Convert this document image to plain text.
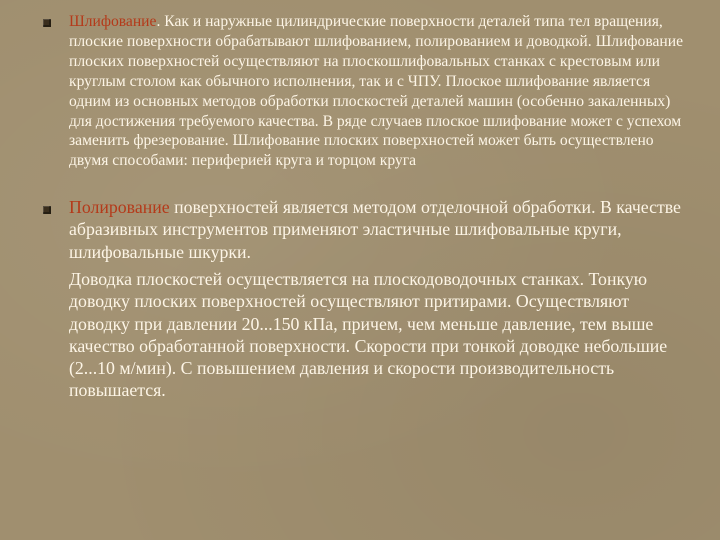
Шлифование. Как и наружные цилиндрические поверхности деталей типа тел вращения, плоские поверхности обрабатывают шлифованием, полированием и доводкой. Шлифование плоских поверхностей осуществляют на плоскошлифовальных станках с крестовым или круглым столом как обычного исполнения, так и с ЧПУ. Плоское шлифование является одним из основных методов обработки плоскостей деталей машин (особенно закаленных) для достижения требуемого качества. В ряде случаев плоское шлифование может с успехом заменить фрезерование. Шлифование плоских поверхностей может быть осуществлено двумя способами: периферией круга и торцом круга

Полирование поверхностей является методом отделочной обработки. В качестве абразивных инструментов применяют эластичные шлифовальные круги, шлифовальные шкурки.

Доводка плоскостей осуществляется на плоскодоводочных станках. Тонкую доводку плоских поверхностей осуществляют притирами. Осуществляют доводку при давлении 20...150 кПа, причем, чем меньше давление, тем выше качество обработанной поверхности. Скорости при тонкой доводке небольшие (2...10 м/мин). С повышением давления и скорости производительность повышается.
